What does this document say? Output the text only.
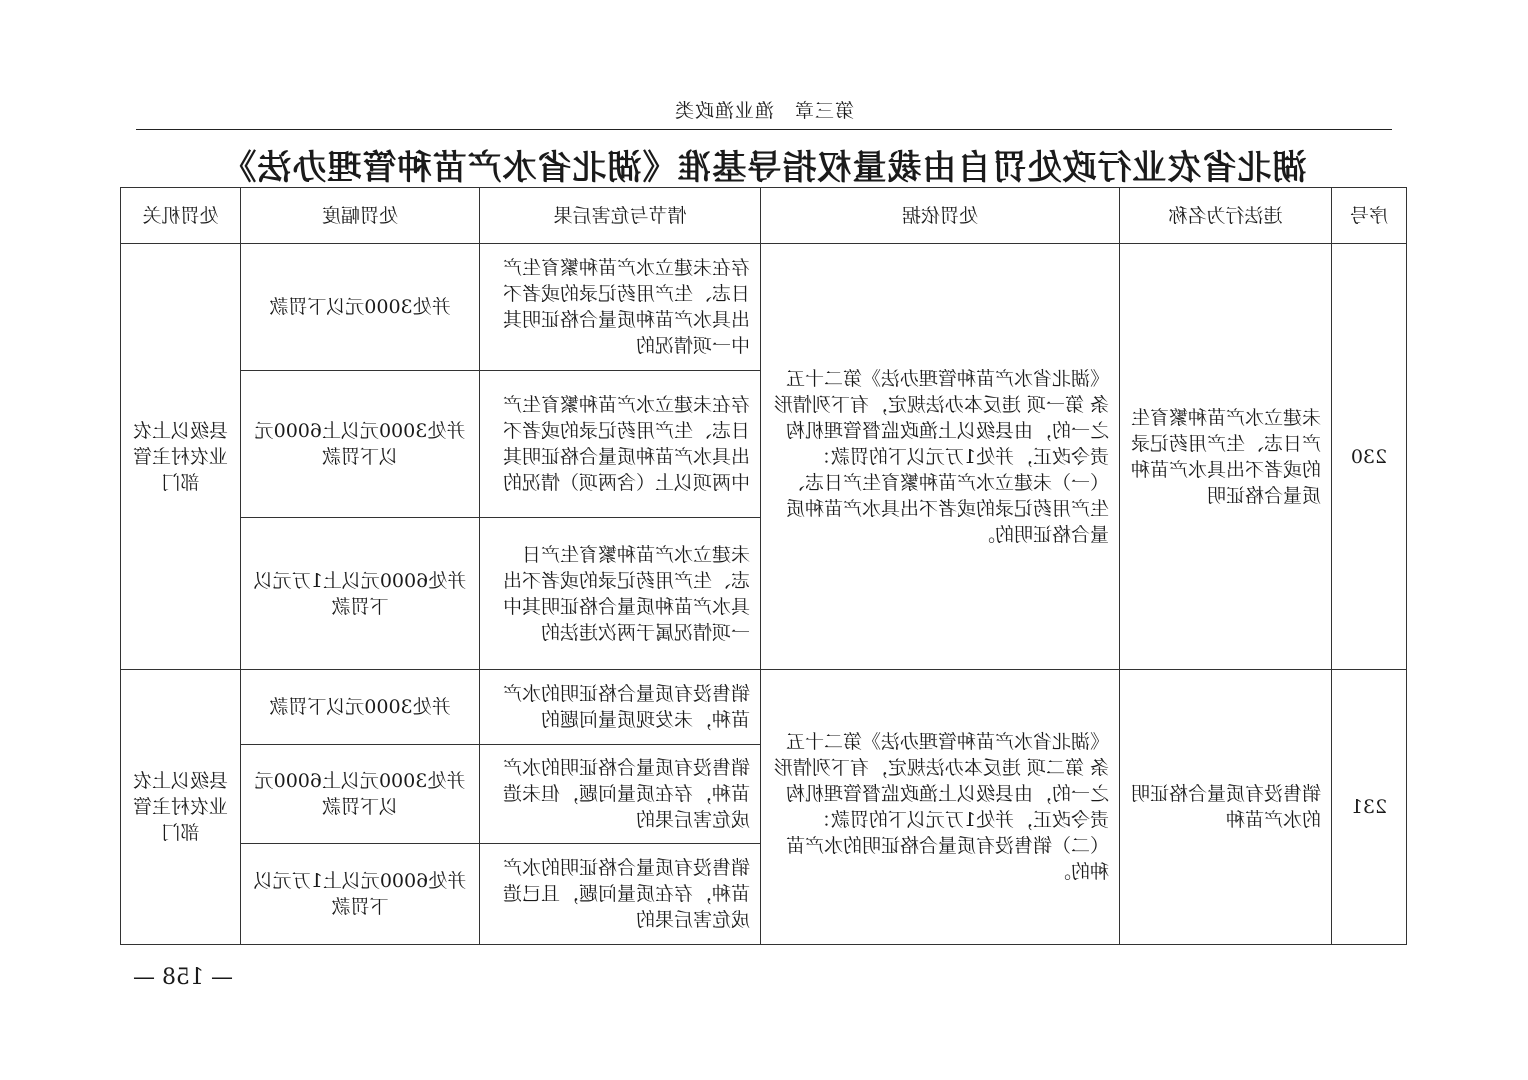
第三章　渔业渔政类
湖北省农业行政处罚自由裁量权指导基准《湖北省水产苗种管理办法》
序号	违法行为名称	处罚依据	情节与危害后果	处罚幅度	处罚机关
230	未建立水产苗种繁育生产日志、生产用药记录的或者不出具水产苗种质量合格证明	《湖北省水产苗种管理办法》第二十五条 第一项 违反本办法规定，有下列情形之一的，由县级以上渔政监督管理机构责令改正，并处1万元以下的罚款：
（一）未建立水产苗种繁育生产日志、生产用药记录的或者不出具水产苗种质量合格证明的。	存在未建立水产苗种繁育生产日志、生产用药记录的或者不出具水产苗种质量合格证明其中一项情况的	并处3000元以下罚款	县级以上农业农村主管部门
			存在未建立水产苗种繁育生产日志、生产用药记录的或者不出具水产苗种质量合格证明其中两项以上（含两项）情况的	并处3000元以上6000元以下罚款	
			未建立水产苗种繁育生产日志、生产用药记录的或者不出具水产苗种质量合格证明其中一项情况属于两次违法的	并处6000元以上1万元以下罚款	
231	销售没有质量合格证明的水产苗种	《湖北省水产苗种管理办法》第二十五条 第二项 违反本办法规定，有下列情形之一的，由县级以上渔政监督管理机构责令改正，并处1万元以下的罚款：
（二）销售没有质量合格证明的水产苗种的。	销售没有质量合格证明的水产苗种，未发现质量问题的	并处3000元以下罚款	县级以上农业农村主管部门
			销售没有质量合格证明的水产苗种，存在质量问题，但未造成危害后果的	并处3000元以上6000元以下罚款	
			销售没有质量合格证明的水产苗种，存在质量问题，且已造成危害后果的	并处6000元以上1万元以下罚款	
— 158 —
